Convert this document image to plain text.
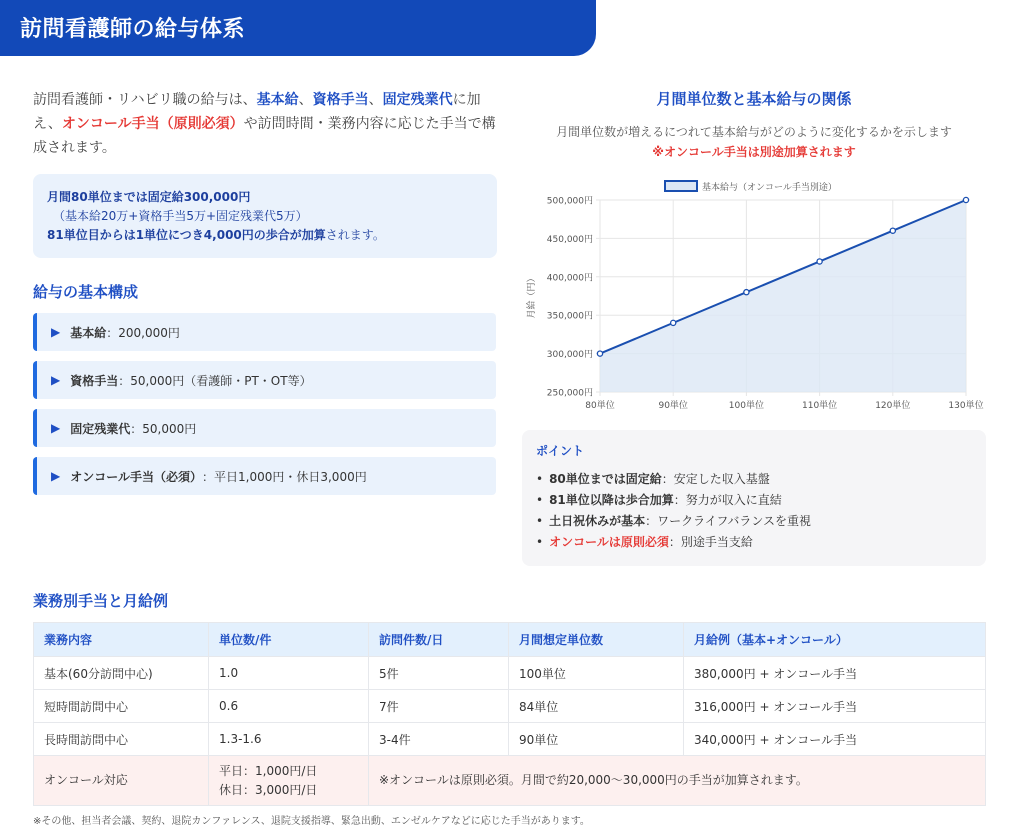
訪問看護師の給与体系
訪問看護師・リハビリ職の給与は、基本給、資格手当、固定残業代に加え、オンコール手当（原則必須）や訪問時間・業務内容に応じた手当で構成されます。
月間80単位までは固定給300,000円
（基本給20万+資格手当5万+固定残業代5万）
81単位目からは1単位につき4,000円の歩合が加算されます。
給与の基本構成
▶ 基本給 ：200,000円
▶ 資格手当 ：50,000円（看護師・PT・OT等）
▶ 固定残業代 ：50,000円
▶ オンコール手当（必須） ：平日1,000円・休日3,000円
月間単位数と基本給与の関係
月間単位数が増えるにつれて基本給与がどのように変化するかを示します
※オンコール手当は別途加算されます
250,000円
300,000円
350,000円
400,000円
450,000円
500,000円
80単位	90単位	100単位	110単位	120単位	130単位
月給（円）
基本給与（オンコール手当別途）
ポイント
• 80単位までは固定給：安定した収入基盤
• 81単位以降は歩合加算：努力が収入に直結
• 土日祝休みが基本：ワークライフバランスを重視
• オンコールは原則必須：別途手当支給
業務別手当と月給例
業務内容	単位数/件	訪問件数/日	月間想定単位数	月給例（基本+オンコール）
基本(60分訪問中心)	1.0	5件	100単位	380,000円 + オンコール手当
短時間訪問中心	0.6	7件	84単位	316,000円 + オンコール手当
長時間訪問中心	1.3-1.6	3-4件	90単位	340,000円 + オンコール手当
オンコール対応	平日：1,000円/日
休日：3,000円/日	※オンコールは原則必須。月間で約20,000〜30,000円の手当が加算されます。		
※その他、担当者会議、契約、退院カンファレンス、退院支援指導、緊急出動、エンゼルケアなどに応じた手当があります。
